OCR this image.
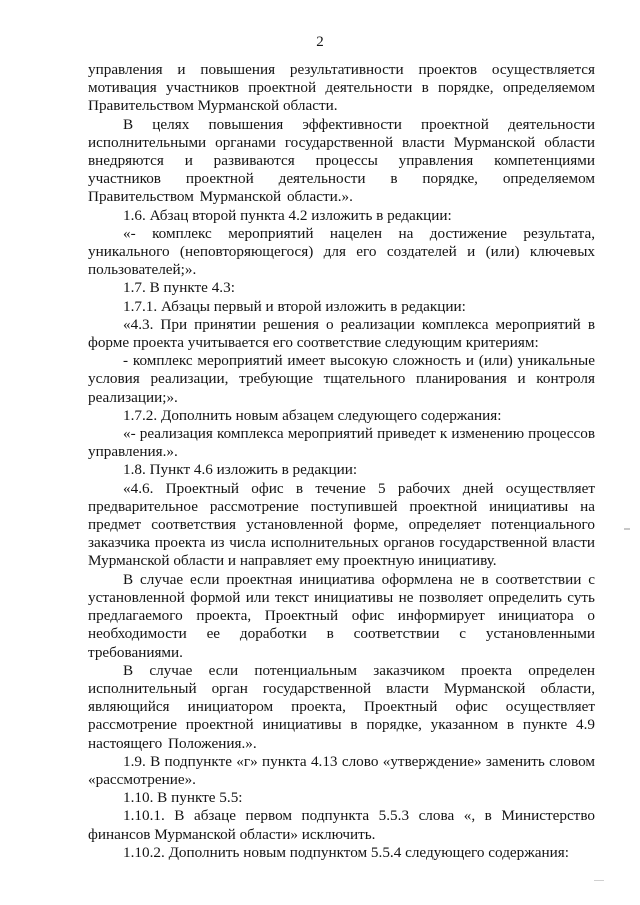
2

управления и повышения результативности проектов осуществляется мотивация участников проектной деятельности в порядке, определяемом Правительством Мурманской области.

В целях повышения эффективности проектной деятельности исполнительными органами государственной власти Мурманской области внедряются и развиваются процессы управления компетенциями участников проектной деятельности в порядке, определяемом Правительством Мурманской области.».

1.6. Абзац второй пункта 4.2 изложить в редакции:

«- комплекс мероприятий нацелен на достижение результата, уникального (неповторяющегося) для его создателей и (или) ключевых пользователей;».

1.7. В пункте 4.3:

1.7.1. Абзацы первый и второй изложить в редакции:

«4.3. При принятии решения о реализации комплекса мероприятий в форме проекта учитывается его соответствие следующим критериям:

- комплекс мероприятий имеет высокую сложность и (или) уникальные условия реализации, требующие тщательного планирования и контроля реализации;».

1.7.2. Дополнить новым абзацем следующего содержания:

«- реализация комплекса мероприятий приведет к изменению процессов управления.».

1.8. Пункт 4.6 изложить в редакции:

«4.6. Проектный офис в течение 5 рабочих дней осуществляет предварительное рассмотрение поступившей проектной инициативы на предмет соответствия установленной форме, определяет потенциального заказчика проекта из числа исполнительных органов государственной власти Мурманской области и направляет ему проектную инициативу.

В случае если проектная инициатива оформлена не в соответствии с установленной формой или текст инициативы не позволяет определить суть предлагаемого проекта, Проектный офис информирует инициатора о необходимости ее доработки в соответствии с установленными требованиями.

В случае если потенциальным заказчиком проекта определен исполнительный орган государственной власти Мурманской области, являющийся инициатором проекта, Проектный офис осуществляет рассмотрение проектной инициативы в порядке, указанном в пункте 4.9 настоящего Положения.».

1.9. В подпункте «г» пункта 4.13 слово «утверждение» заменить словом «рассмотрение».

1.10. В пункте 5.5:

1.10.1. В абзаце первом подпункта 5.5.3 слова «, в Министерство финансов Мурманской области» исключить.

1.10.2. Дополнить новым подпунктом 5.5.4 следующего содержания:
